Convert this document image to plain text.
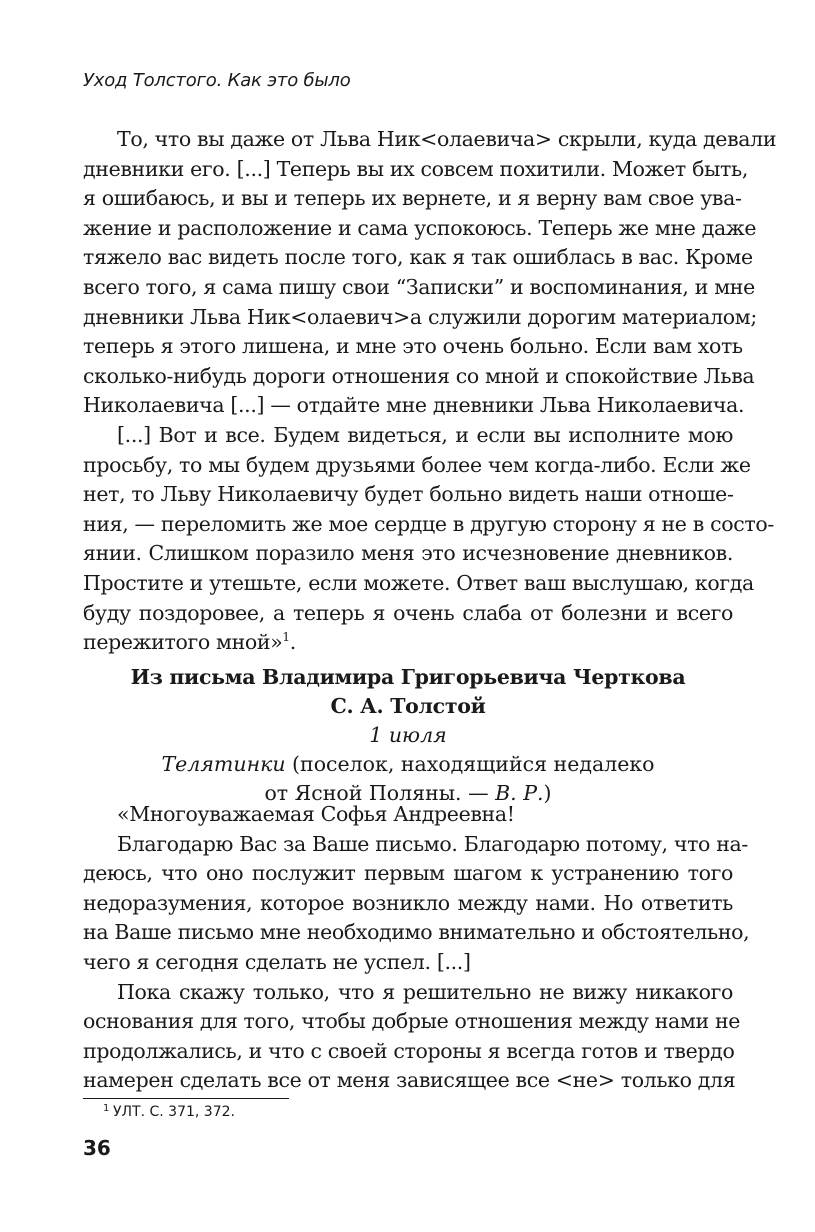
Уход Толстого. Как это было
То, что вы даже от Льва Ник<олаевича> скрыли, куда девали
дневники его. [...] Теперь вы их совсем похитили. Может быть,
я ошибаюсь, и вы и теперь их вернете, и я верну вам свое ува-
жение и расположение и сама успокоюсь. Теперь же мне даже
тяжело вас видеть после того, как я так ошиблась в вас. Кроме
всего того, я сама пишу свои “Записки” и воспоминания, и мне
дневники Льва Ник<олаевич>а служили дорогим материалом;
теперь я этого лишена, и мне это очень больно. Если вам хоть
сколько-нибудь дороги отношения со мной и спокойствие Льва
Николаевича [...] — отдайте мне дневники Льва Николаевича.
[...] Вот и все. Будем видеться, и если вы исполните мою
просьбу, то мы будем друзьями более чем когда-либо. Если же
нет, то Льву Николаевичу будет больно видеть наши отноше-
ния, — переломить же мое сердце в другую сторону я не в состо-
янии. Слишком поразило меня это исчезновение дневников.
Простите и утешьте, если можете. Ответ ваш выслушаю, когда
буду поздоровее, а теперь я очень слаба от болезни и всего
пережитого мной»$^1$.
Из письма Владимира Григорьевича Черткова
С. А. Толстой
1 июля
Телятинки (поселок, находящийся недалеко
от Ясной Поляны. — В. Р.)
«Многоуважаемая Софья Андреевна!
Благодарю Вас за Ваше письмо. Благодарю потому, что на-
деюсь, что оно послужит первым шагом к устранению того
недоразумения, которое возникло между нами. Но ответить
на Ваше письмо мне необходимо внимательно и обстоятельно,
чего я сегодня сделать не успел. [...]
Пока скажу только, что я решительно не вижу никакого
основания для того, чтобы добрые отношения между нами не
продолжались, и что с своей стороны я всегда готов и твердо
намерен сделать все от меня зависящее все <не> только для
1 УЛТ. С. 371, 372.
36
